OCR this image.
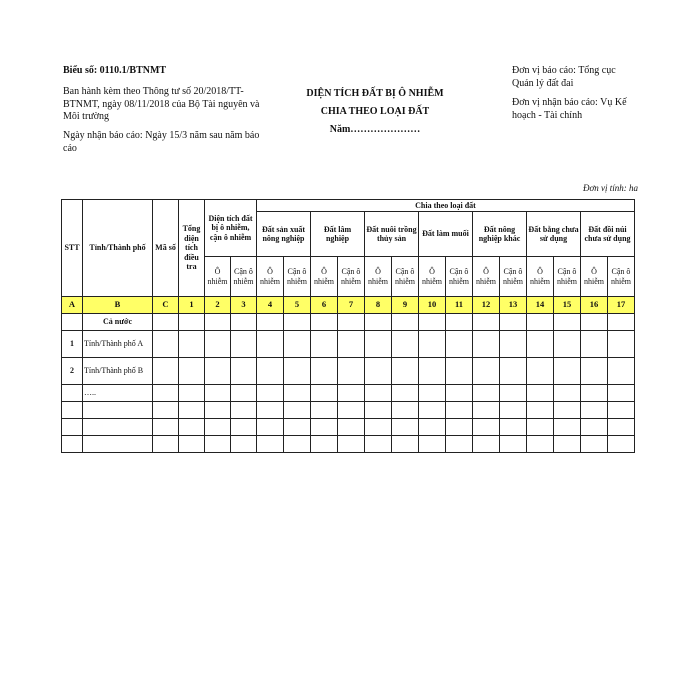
Biểu số: 0110.1/BTNMT
Ban hành kèm theo Thông tư số 20/2018/TT-BTNMT, ngày 08/11/2018 của Bộ Tài nguyên và Môi trường
Ngày nhận báo cáo: Ngày 15/3 năm sau năm báo cáo
DIỆN TÍCH ĐẤT BỊ Ô NHIỄM
CHIA THEO LOẠI ĐẤT
Năm…………………
Đơn vị báo cáo: Tổng cục Quản lý đất đai
Đơn vị nhận báo cáo: Vụ Kế hoạch - Tài chính
Đơn vị tính: ha
STT	Tỉnh/Thành phố	Mã số	Tổng diện tích điều tra	Diện tích đất bị ô nhiễm, cận ô nhiễm		Chia theo loại đất													
						Đất sản xuất nông nghiệp		Đất lâm nghiệp		Đất nuôi trồng thủy sản		Đất làm muối		Đất nông nghiệp khác		Đất bằng chưa sử dụng		Đất đồi núi chưa sử dụng	
				Ô nhiễm	Cận ô nhiễm	Ô nhiễm	Cận ô nhiễm	Ô nhiễm	Cận ô nhiễm	Ô nhiễm	Cận ô nhiễm	Ô nhiễm	Cận ô nhiễm	Ô nhiễm	Cận ô nhiễm	Ô nhiễm	Cận ô nhiễm	Ô nhiễm	Cận ô nhiễm
A	B	C	1	2	3	4	5	6	7	8	9	10	11	12	13	14	15	16	17
	Cả nước																		
1	Tỉnh/Thành phố A																		
2	Tỉnh/Thành phố B																		
	…..																		
